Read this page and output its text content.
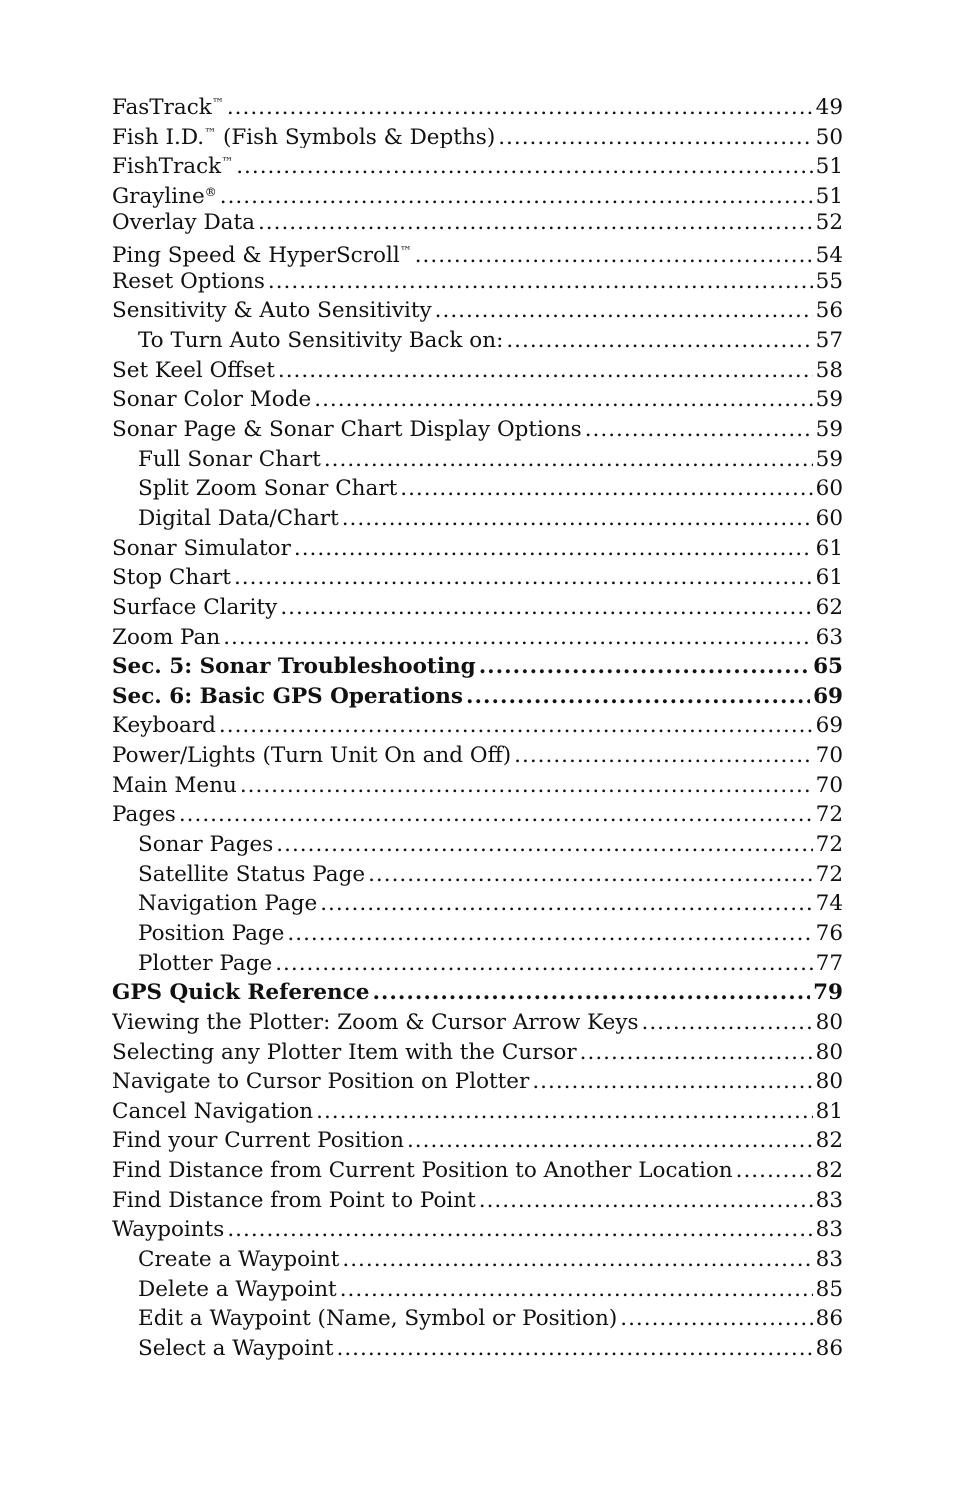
FasTrack™ .....	49
Fish I.D.™ (Fish Symbols & Depths) .....	50
FishTrack™ .....	51
Grayline® .....	51
Overlay Data .....	52
Ping Speed & HyperScroll™ .....	54
Reset Options .....	55
Sensitivity & Auto Sensitivity .....	56
To Turn Auto Sensitivity Back on: .....	57
Set Keel Offset .....	58
Sonar Color Mode .....	59
Sonar Page & Sonar Chart Display Options .....	59
Full Sonar Chart .....	59
Split Zoom Sonar Chart .....	60
Digital Data/Chart .....	60
Sonar Simulator .....	61
Stop Chart .....	61
Surface Clarity .....	62
Zoom Pan .....	63
Sec. 5: Sonar Troubleshooting .....	65
Sec. 6: Basic GPS Operations .....	69
Keyboard .....	69
Power/Lights (Turn Unit On and Off) .....	70
Main Menu .....	70
Pages .....	72
Sonar Pages .....	72
Satellite Status Page .....	72
Navigation Page .....	74
Position Page .....	76
Plotter Page .....	77
GPS Quick Reference .....	79
Viewing the Plotter: Zoom & Cursor Arrow Keys .....	80
Selecting any Plotter Item with the Cursor .....	80
Navigate to Cursor Position on Plotter .....	80
Cancel Navigation .....	81
Find your Current Position .....	82
Find Distance from Current Position to Another Location .....	82
Find Distance from Point to Point .....	83
Waypoints .....	83
Create a Waypoint .....	83
Delete a Waypoint .....	85
Edit a Waypoint (Name, Symbol or Position) .....	86
Select a Waypoint .....	86
